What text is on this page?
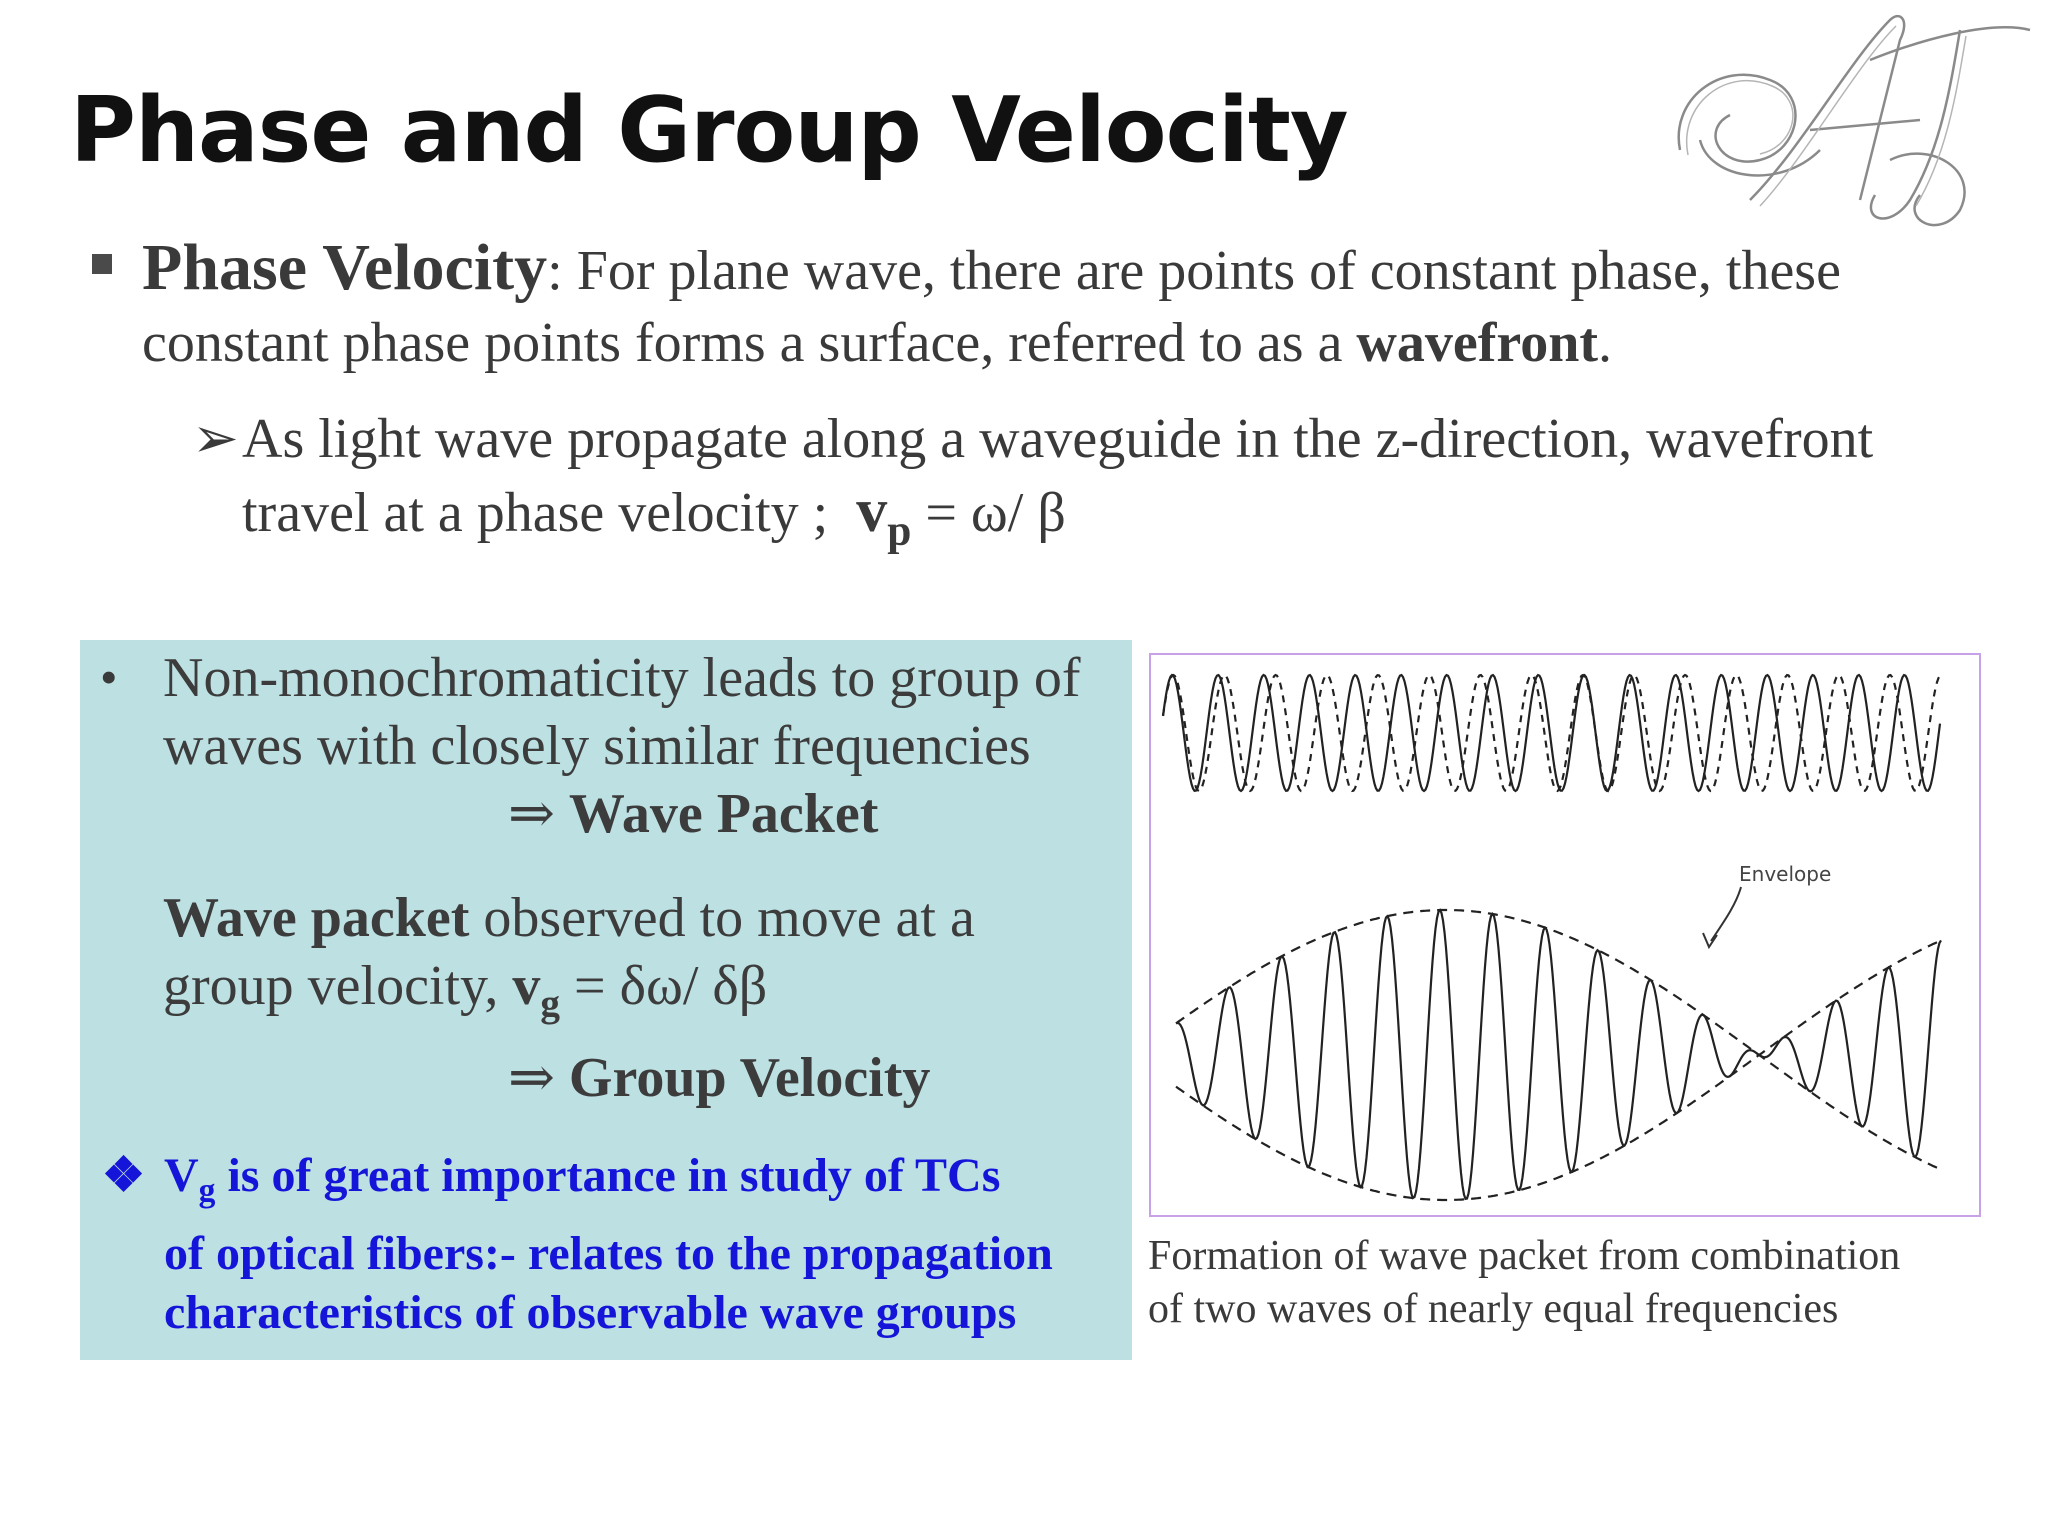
Phase and Group Velocity
Phase Velocity: For plane wave, there are points of constant phase, these constant phase points forms a surface, referred to as a wavefront.
➢ As light wave propagate along a waveguide in the z-direction, wavefront travel at a phase velocity ; $v_p = \omega/$ β
• Non-monochromaticity leads to group of
waves with closely similar frequencies
⇒ Wave Packet
Wave packet observed to move at a
group velocity, $v_g = \delta\omega/$ δβ
⇒ Group Velocity
❖ $V_g$ is of great importance in study of TCs
of optical fibers:- relates to the propagation
characteristics of observable wave groups
Envelope
Formation of wave packet from combination
of two waves of nearly equal frequencies
